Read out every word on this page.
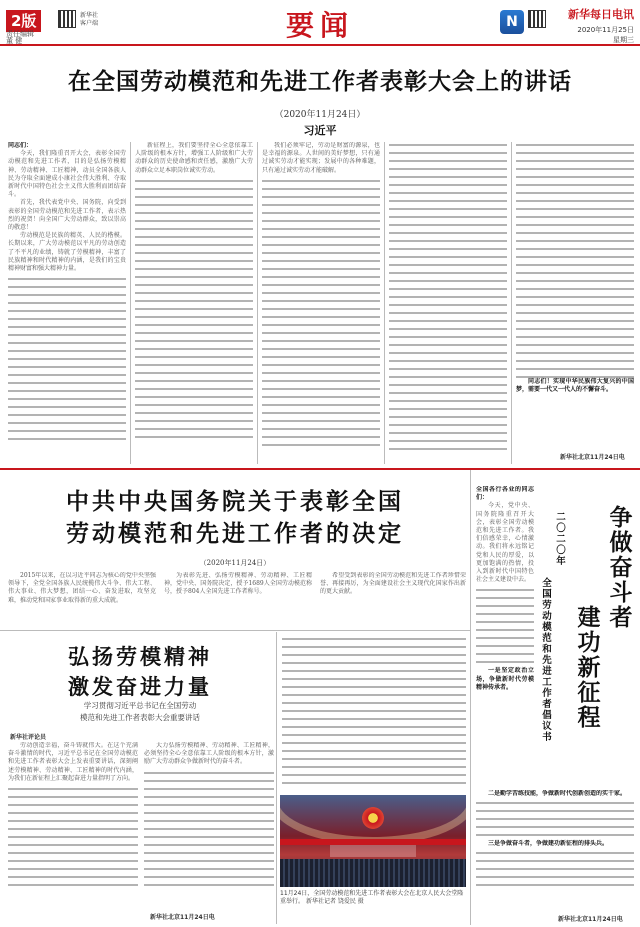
2版
责任编辑
董 健
新华社
客户端	要闻	N	新华每日电讯
2020年11月25日
星期三
在全国劳动模范和先进工作者表彰大会上的讲话
（2020年11月24日）
习近平
同志们：

今天，我们隆重召开大会，表彰全国劳动模范和先进工作者，目的是弘扬劳模精神、劳动精神、工匠精神，动员全国各族人民为夺取全面建成小康社会伟大胜利、夺取新时代中国特色社会主义伟大胜利而团结奋斗。

首先，我代表党中央、国务院，向受到表彰的全国劳动模范和先进工作者，表示热烈的祝贺！向全国广大劳动群众，致以崇高的敬意！

劳动模范是民族的精英、人民的楷模。长期以来，广大劳动模范以平凡的劳动创造了不平凡的业绩，铸就了劳模精神，丰富了民族精神和时代精神的内涵，是我们的宝贵精神财富和强大精神力量。

新征程上，我们要坚持全心全意依靠工人阶级的根本方针，增强工人阶级和广大劳动群众的历史使命感和责任感，激励广大劳动群众立足本职岗位诚实劳动。

我们必须牢记，劳动是财富的源泉，也是幸福的源泉。人世间的美好梦想，只有通过诚实劳动才能实现；发展中的各种难题，只有通过诚实劳动才能破解。

同志们！实现中华民族伟大复兴的中国梦，需要一代又一代人的不懈奋斗。

新华社北京11月24日电
中共中央国务院关于表彰全国
劳动模范和先进工作者的决定
（2020年11月24日）

2015年以来，在以习近平同志为核心的党中央坚强领导下，全党全国各族人民统揽伟大斗争、伟大工程、伟大事业、伟大梦想，团结一心、奋发进取，攻坚克难，推动党和国家事业取得新的重大成就。

为表彰先进、弘扬劳模精神、劳动精神、工匠精神，党中央、国务院决定，授予1689人全国劳动模范称号，授予804人全国先进工作者称号。

希望受到表彰的全国劳动模范和先进工作者珍惜荣誉、再接再厉，为全面建设社会主义现代化国家作出新的更大贡献。

弘扬劳模精神
激发奋进力量
学习贯彻习近平总书记在全国劳动
模范和先进工作者表彰大会重要讲话
新华社评论员

劳动创造幸福，奋斗铸就伟大。在这个充满奋斗激情的时代，习近平总书记在全国劳动模范和先进工作者表彰大会上发表重要讲话，深刻阐述劳模精神、劳动精神、工匠精神的时代内涵，为我们在新征程上汇聚起奋进力量指明了方向。

大力弘扬劳模精神、劳动精神、工匠精神，必须坚持全心全意依靠工人阶级的根本方针，激励广大劳动群众争做新时代的奋斗者。

新华社北京11月24日电
11月24日，全国劳动模范和先进工作者表彰大会在北京人民大会堂隆重举行。 新华社记者 饶爱民 摄
全国各行各业的同志们：

今天，党中央、国务院隆重召开大会，表彰全国劳动模范和先进工作者。我们倍感荣幸，心情激动。我们将永远铭记党和人民的厚爱，以更加饱满的热情，投入到新时代中国特色社会主义建设中去。

一是坚定政治立场，争做新时代劳模精神传承者。

二〇二〇年
全国劳动模范和先进工作者倡议书
争做奋斗者
建功新征程

二是勤学苦练技能，争做新时代创新创造的实干家。

三是争做奋斗者，争做建功新征程的排头兵。

新华社北京11月24日电
